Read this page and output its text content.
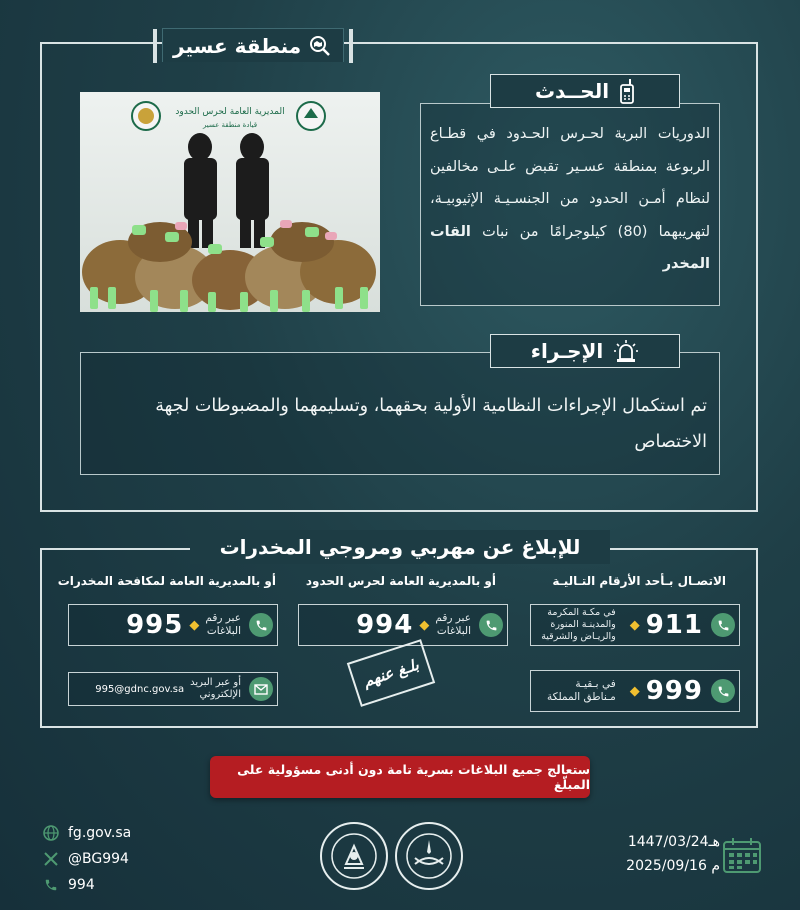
منطقة عسير
المديرية العامة لحرس الحدود
قيادة منطقة عسير
الحــدث
الدوريات البرية لحـرس الحـدود في قطـاع الربوعة بمنطقة عسـير تقبض علـى مخالفين لنظام أمـن الحدود من الجنسـيـة الإثيوبيـة، لتهريبهما (80) كيلوجرامًا من نبات القات المخدر
الإجـراء
تم استكمال الإجراءات النظامية الأولية بحقهما، وتسليمهما والمضبوطات لجهة الاختصاص
للإبلاغ عن مهربي ومروجي المخدرات
الاتصـال بـأحد الأرقام التـاليـة
أو بالمديرية العامة لحرس الحدود
أو بالمديرية العامة لمكافحة المخدرات
911
◆
في مكـة المكرمة
والمدينـة المنورة
والريـاض والشرقية
999
◆
في بـقيـة
مـناطق المملكة
عبر رقم
البلاغات
◆
994
عبر رقم
البلاغات
◆
995
أو عبر البريد
الإلكتروني
995@gdnc.gov.sa	بلـغ عنهم
ستعالج جميع البلاغات بسرية تامة دون أدنى مسؤولية على المبلّغ
fg.gov.sa
@BG994
994
1447/03/24هـ
2025/09/16 م
